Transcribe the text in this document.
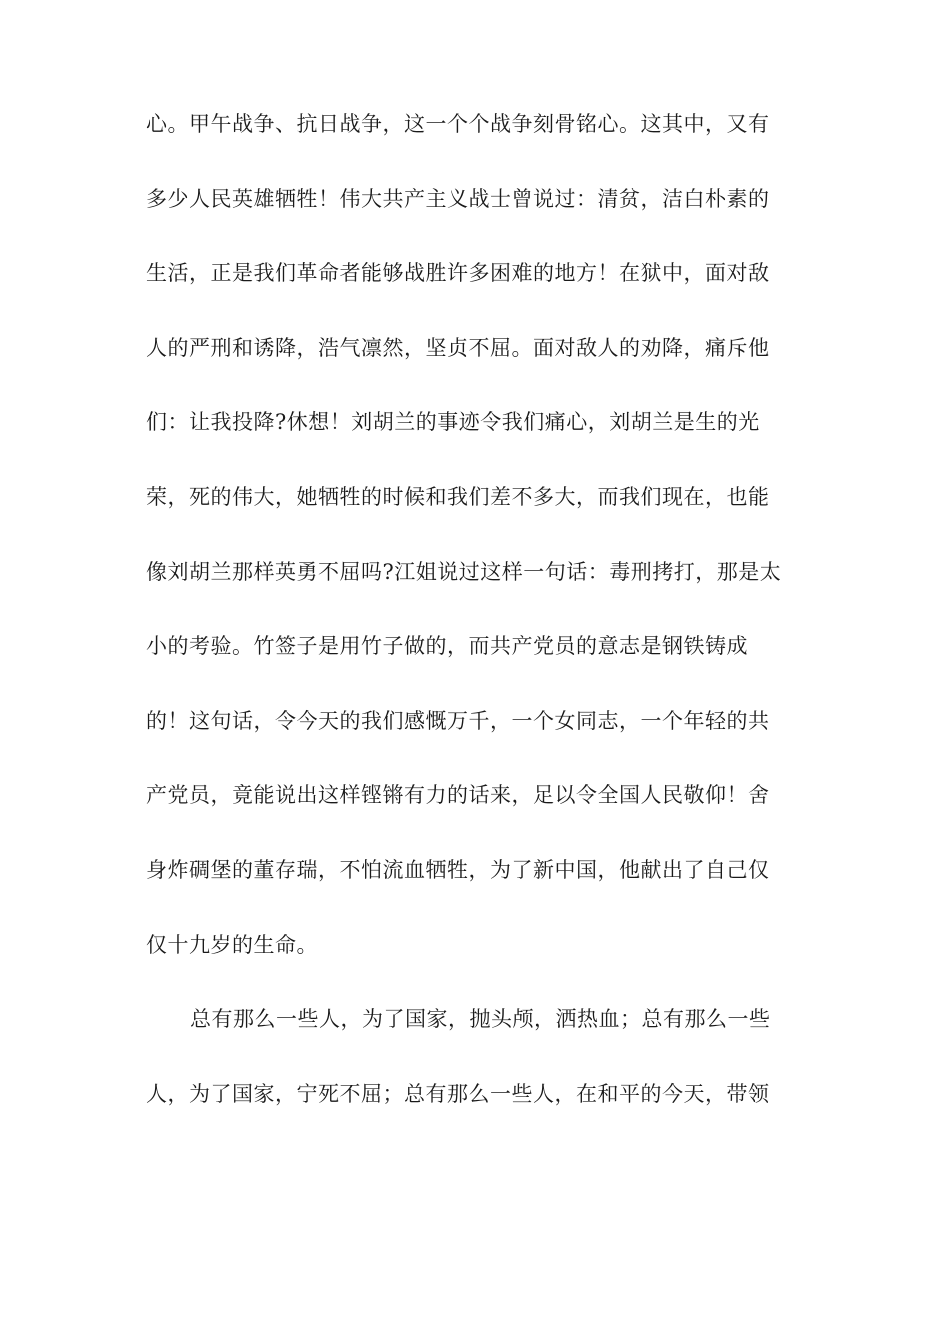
心。甲午战争、抗日战争，这一个个战争刻骨铭心。这其中，又有
多少人民英雄牺牲！伟大共产主义战士曾说过：清贫，洁白朴素的
生活，正是我们革命者能够战胜许多困难的地方！在狱中，面对敌
人的严刑和诱降，浩气凛然，坚贞不屈。面对敌人的劝降，痛斥他
们：让我投降?休想！刘胡兰的事迹令我们痛心，刘胡兰是生的光
荣，死的伟大，她牺牲的时候和我们差不多大，而我们现在，也能
像刘胡兰那样英勇不屈吗?江姐说过这样一句话：毒刑拷打，那是太
小的考验。竹签子是用竹子做的，而共产党员的意志是钢铁铸成
的！这句话，令今天的我们感慨万千，一个女同志，一个年轻的共
产党员，竟能说出这样铿锵有力的话来，足以令全国人民敬仰！舍
身炸碉堡的董存瑞，不怕流血牺牲，为了新中国，他献出了自己仅
仅十九岁的生命。
总有那么一些人，为了国家，抛头颅，洒热血；总有那么一些
人，为了国家，宁死不屈；总有那么一些人，在和平的今天，带领
